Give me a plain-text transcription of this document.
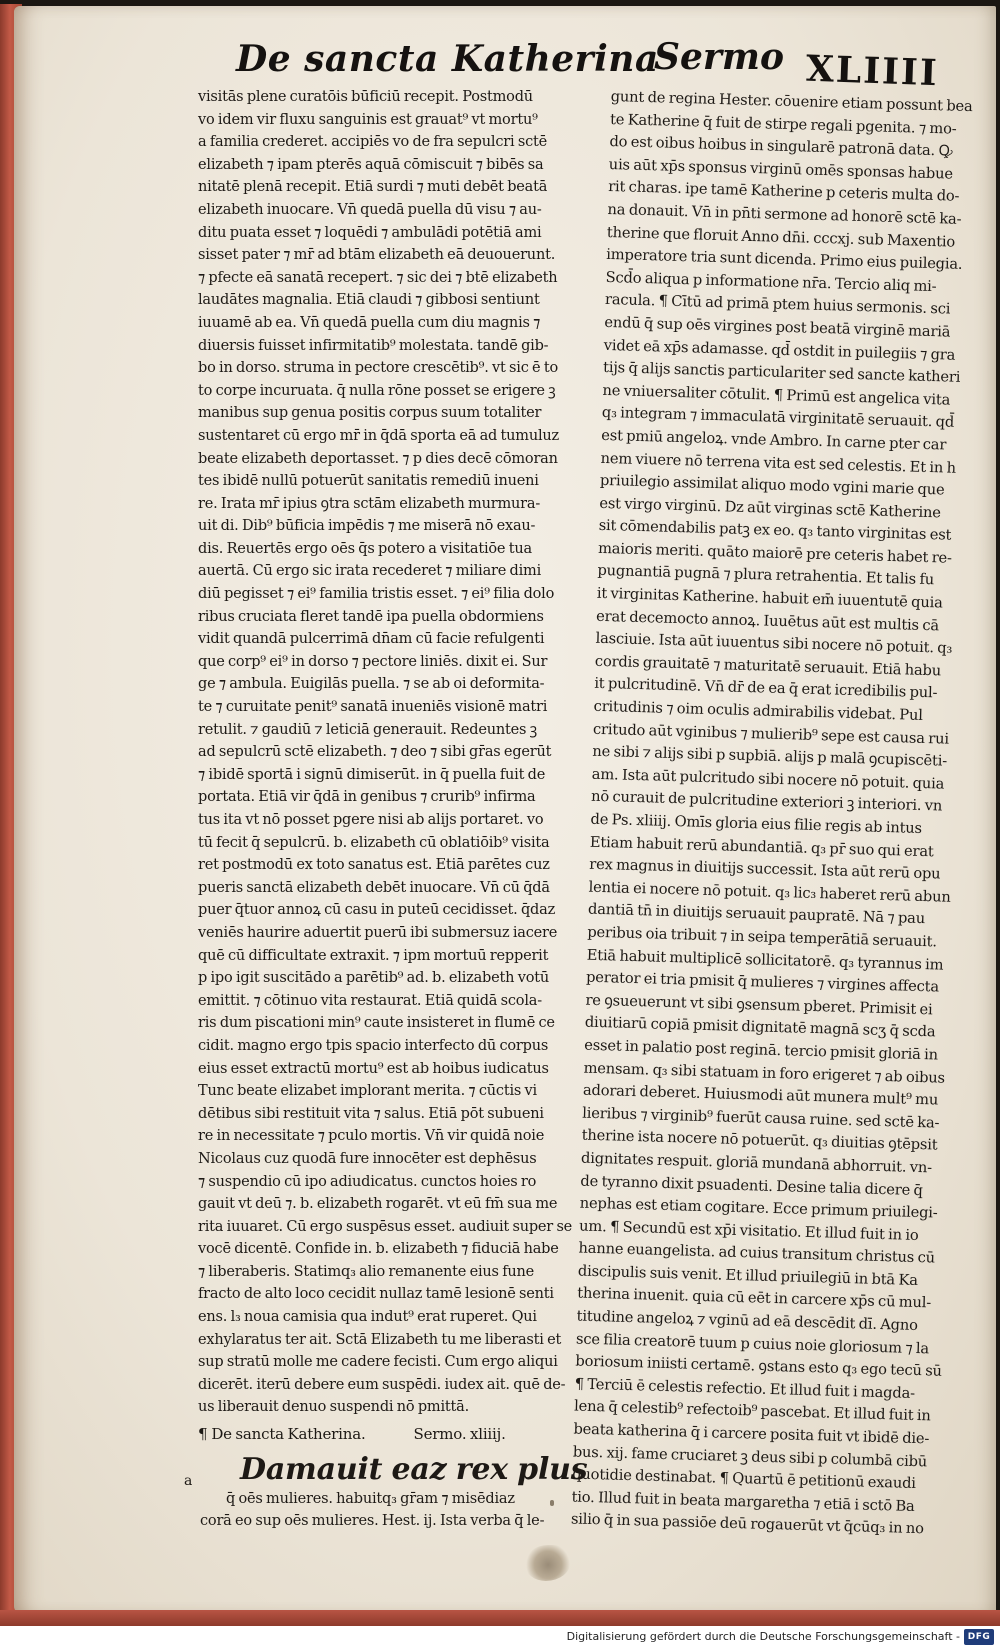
De sancta Katherina
Sermo XLIIII

visitās plene curatōis būficiū recepit. Postmodū

vo idem vir fluxu sanguinis est grauat⁹ vt mortu⁹

a familia crederet. accipiēs vo de fra sepulcri sctē

elizabeth ⁊ ipam pterēs aquā cōmiscuit ⁊ bibēs sa

nitatē plenā recepit. Etiā surdi ⁊ muti debēt beatā

elizabeth inuocare. Vn̄ quedā puella dū visu ⁊ au-

ditu puata esset ⁊ loquēdi ⁊ ambulādi potētiā ami

sisset pater ⁊ mr̄ ad btām elizabeth eā deuouerunt.

⁊ pfecte eā sanatā recepert. ⁊ sic dei ⁊ btē elizabeth

laudātes magnalia. Etiā claudi ⁊ gibbosi sentiunt

iuuamē ab ea. Vn̄ quedā puella cum diu magnis ⁊

diuersis fuisset infirmitatib⁹ molestata. tandē gib-

bo in dorso. struma in pectore crescētib⁹. vt sic ē to

to corpe incuruata. q̄ nulla rōne posset se erigere ꝫ

manibus sup genua positis corpus suum totaliter

sustentaret cū ergo mr̄ in q̄dā sporta eā ad tumuluz

beate elizabeth deportasset. ⁊ p dies decē cōmoran

tes ibidē nullū potuerūt sanitatis remediū inueni

re. Irata mr̄ ipius ꝯtra sctām elizabeth murmura-

uit di. Dib⁹ būficia impēdis ⁊ me miserā nō exau-

dis. Reuertēs ergo oēs q̄s potero a visitatiōe tua

auertā. Cū ergo sic irata recederet ⁊ miliare dimi

diū pegisset ⁊ ei⁹ familia tristis esset. ⁊ ei⁹ filia dolo

ribus cruciata fleret tandē ipa puella obdormiens

vidit quandā pulcerrimā dn̄am cū facie refulgenti

que corp⁹ ei⁹ in dorso ⁊ pectore liniēs. dixit ei. Sur

ge ⁊ ambula. Euigilās puella. ⁊ se ab oi deformita-

te ⁊ curuitate penit⁹ sanatā inueniēs visionē matri

retulit. ⁊ gaudiū ⁊ leticiā generauit. Redeuntes ꝫ

ad sepulcrū sctē elizabeth. ⁊ deo ⁊ sibi gr̄as egerūt

⁊ ibidē sportā i signū dimiserūt. in q̄ puella fuit de

portata. Etiā vir q̄dā in genibus ⁊ crurib⁹ infirma

tus ita vt nō posset pgere nisi ab alijs portaret. vo

tū fecit q̄ sepulcrū. b. elizabeth cū oblatiōib⁹ visita

ret postmodū ex toto sanatus est. Etiā parētes cuz

pueris sanctā elizabeth debēt inuocare. Vn̄ cū q̄dā

puer q̄tuor annoꝝ cū casu in puteū cecidisset. q̄daz

veniēs haurire aduertit puerū ibi submersuz iacere

quē cū difficultate extraxit. ⁊ ipm mortuū repperit

p ipo igit suscitādo a parētib⁹ ad. b. elizabeth votū

emittit. ⁊ cōtinuo vita restaurat. Etiā quidā scola-

ris dum piscationi min⁹ caute insisteret in flumē ce

cidit. magno ergo tpis spacio interfecto dū corpus

eius esset extractū mortu⁹ est ab hoibus iudicatus

Tunc beate elizabet implorant merita. ⁊ cūctis vi

dētibus sibi restituit vita ⁊ salus. Etiā pōt subueni

re in necessitate ⁊ pculo mortis. Vn̄ vir quidā noie

Nicolaus cuz quodā fure innocēter est dephēsus

⁊ suspendio cū ipo adiudicatus. cunctos hoies ro

gauit vt deū ⁊. b. elizabeth rogarēt. vt eū fm̄ sua me

rita iuuaret. Cū ergo suspēsus esset. audiuit super se

vocē dicentē. Confide in. b. elizabeth ⁊ fiduciā habe

⁊ liberaberis. Statimq₃ alio remanente eius fune

fracto de alto loco cecidit nullaz tamē lesionē senti

ens. l₃ noua camisia qua indut⁹ erat ruperet. Qui

exhylaratus ter ait. Sctā Elizabeth tu me liberasti et

sup stratū molle me cadere fecisti. Cum ergo aliqui

dicerēt. iterū debere eum suspēdi. iudex ait. quē de-

us liberauit denuo suspendi nō pmittā.

¶ De sancta Katherina.	Sermo. xliiij.
a	Damauit eaz rex plus
q̄ oēs mulieres. habuitq₃ gr̄am ⁊ misēdiaz
corā eo sup oēs mulieres. Hest. ij. Ista verba q̄ le-

gunt de regina Hester. cōuenire etiam possunt bea

te Katherine q̄ fuit de stirpe regali pgenita. ⁊ mo-

do est oibus hoibus in singularē patronā data. Ꝙ

uis aūt xp̄s sponsus virginū omēs sponsas habue

rit charas. ipe tamē Katherine p ceteris multa do-

na donauit. Vn̄ in pn̄ti sermone ad honorē sctē ka-

therine que floruit Anno dn̄i. cccxj. sub Maxentio

imperatore tria sunt dicenda. Primo eius puilegia.

Scd̄o aliqua p informatione nr̄a. Tercio aliq mi-

racula. ¶ Cītū ad primā ptem huius sermonis. sci

endū q̄ sup oēs virgines post beatā virginē mariā

videt eā xp̄s adamasse. qd̄ ostdit in puilegiis ⁊ gra

tijs q̄ alijs sanctis particulariter sed sancte katheri

ne vniuersaliter cōtulit. ¶ Primū est angelica vita

q₃ integram ⁊ immaculatā virginitatē seruauit. qd̄

est pmiū angeloꝝ. vnde Ambro. In carne pter car

nem viuere nō terrena vita est sed celestis. Et in h

priuilegio assimilat aliquo modo vgini marie que

est virgo virginū. Dz aūt virginas sctē Katherine

sit cōmendabilis patꝫ ex eo. q₃ tanto virginitas est

maioris meriti. quāto maiorē pre ceteris habet re-

pugnantiā pugnā ⁊ plura retrahentia. Et talis fu

it virginitas Katherine. habuit em̄ iuuentutē quia

erat decemocto annoꝝ. Iuuētus aūt est multis cā

lasciuie. Ista aūt iuuentus sibi nocere nō potuit. q₃

cordis grauitatē ⁊ maturitatē seruauit. Etiā habu

it pulcritudinē. Vn̄ dr̄ de ea q̄ erat icredibilis pul-

critudinis ⁊ oim oculis admirabilis videbat. Pul

critudo aūt vginibus ⁊ mulierib⁹ sepe est causa rui

ne sibi ⁊ alijs sibi p supbiā. alijs p malā ꝯcupiscēti-

am. Ista aūt pulcritudo sibi nocere nō potuit. quia

nō curauit de pulcritudine exteriori ꝫ interiori. vn

de Ps. xliiij. Omīs gloria eius filie regis ab intus

Etiam habuit rerū abundantiā. q₃ pr̄ suo qui erat

rex magnus in diuitijs successit. Ista aūt rerū opu

lentia ei nocere nō potuit. q₃ lic₃ haberet rerū abun

dantiā tn̄ in diuitijs seruauit paupratē. Nā ⁊ pau

peribus oia tribuit ⁊ in seipa temperātiā seruauit.

Etiā habuit multiplicē sollicitatorē. q₃ tyrannus im

perator ei tria pmisit q̄ mulieres ⁊ virgines affecta

re ꝯsueuerunt vt sibi ꝯsensum pberet. Primisit ei

diuitiarū copiā pmisit dignitatē magnā scʒ q̄ scda

esset in palatio post reginā. tercio pmisit gloriā in

mensam. q₃ sibi statuam in foro erigeret ⁊ ab oibus

adorari deberet. Huiusmodi aūt munera mult⁹ mu

lieribus ⁊ virginib⁹ fuerūt causa ruine. sed sctē ka-

therine ista nocere nō potuerūt. q₃ diuitias ꝯtēpsit

dignitates respuit. gloriā mundanā abhorruit. vn-

de tyranno dixit psuadenti. Desine talia dicere q̄

nephas est etiam cogitare. Ecce primum priuilegi-

um. ¶ Secundū est xp̄i visitatio. Et illud fuit in io

hanne euangelista. ad cuius transitum christus cū

discipulis suis venit. Et illud priuilegiū in btā Ka

therina inuenit. quia cū eēt in carcere xp̄s cū mul-

titudine angeloꝝ ⁊ vginū ad eā descēdit dī. Agno

sce filia creatorē tuum p cuius noie gloriosum ⁊ la

boriosum iniisti certamē. ꝯstans esto q₃ ego tecū sū

¶ Terciū ē celestis refectio. Et illud fuit i magda-

lena q̄ celestib⁹ refectoib⁹ pascebat. Et illud fuit in

beata katherina q̄ i carcere posita fuit vt ibidē die-

bus. xij. fame cruciaret ꝫ deus sibi p columbā cibū

quotidie destinabat. ¶ Quartū ē petitionū exaudi

tio. Illud fuit in beata margaretha ⁊ etiā i sctō Ba

silio q̄ in sua passiōe deū rogauerūt vt q̄cūq₃ in no

Digitalisierung gefördert durch die Deutsche Forschungsgemeinschaft - DFG
